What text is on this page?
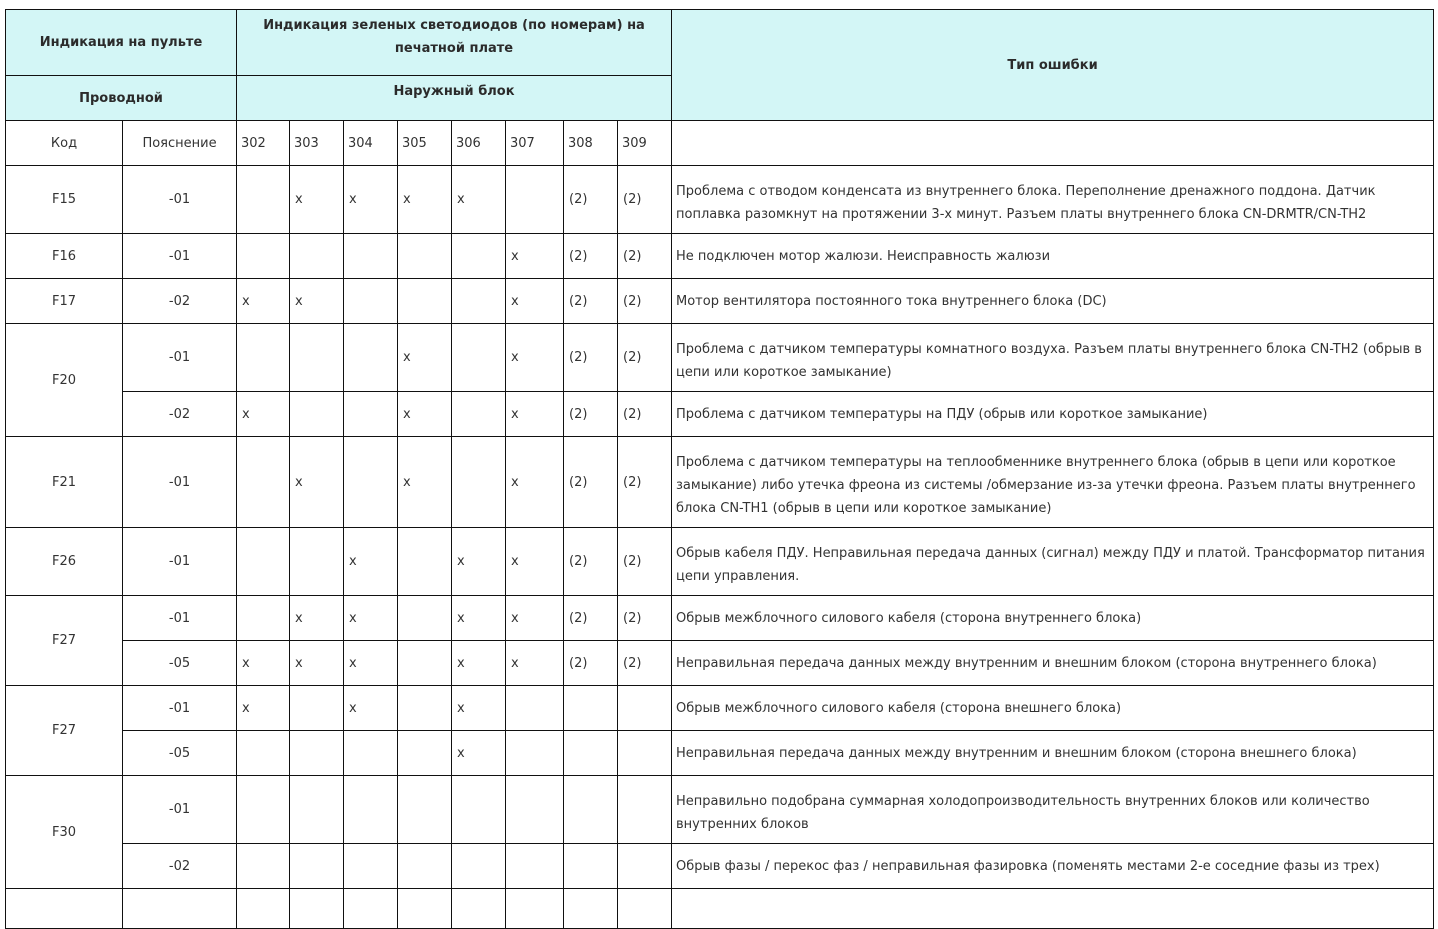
Индикация на пульте		Индикация зеленых светодиодов (по номерам) на печатной плате								Тип ошибки
Проводной		Наружный блок								
Код	Пояснение	302	303	304	305	306	307	308	309	
F15	-01		x	x	x	x		(2)	(2)	Проблема с отводом конденсата из внутреннего блока. Переполнение дренажного поддона. Датчик поплавка разомкнут на протяжении 3-х минут. Разъем платы внутреннего блока CN-DRMTR/CN-TH2
F16	-01						x	(2)	(2)	Не подключен мотор жалюзи. Неисправность жалюзи
F17	-02	x	x				x	(2)	(2)	Мотор вентилятора постоянного тока внутреннего блока (DC)
F20	-01				x		x	(2)	(2)	Проблема с датчиком температуры комнатного воздуха. Разъем платы внутреннего блока CN-TH2 (обрыв в цепи или короткое замыкание)
	-02	x			x		x	(2)	(2)	Проблема с датчиком температуры на ПДУ (обрыв или короткое замыкание)
F21	-01		x		x		x	(2)	(2)	Проблема с датчиком температуры на теплообменнике внутреннего блока (обрыв в цепи или короткое замыкание) либо утечка фреона из системы /обмерзание из-за утечки фреона. Разъем платы внутреннего блока CN-TH1 (обрыв в цепи или короткое замыкание)
F26	-01			x		x	x	(2)	(2)	Обрыв кабеля ПДУ. Неправильная передача данных (сигнал) между ПДУ и платой. Трансформатор питания цепи управления.
F27	-01		x	x		x	x	(2)	(2)	Обрыв межблочного силового кабеля (сторона внутреннего блока)
	-05	x	x	x		x	x	(2)	(2)	Неправильная передача данных между внутренним и внешним блоком (сторона внутреннего блока)
F27	-01	x		x		x				Обрыв межблочного силового кабеля (сторона внешнего блока)
	-05					x				Неправильная передача данных между внутренним и внешним блоком (сторона внешнего блока)
F30	-01									Неправильно подобрана суммарная холодопроизводительность внутренних блоков или количество внутренних блоков
	-02									Обрыв фазы / перекос фаз / неправильная фазировка (поменять местами 2-е соседние фазы из трех)
